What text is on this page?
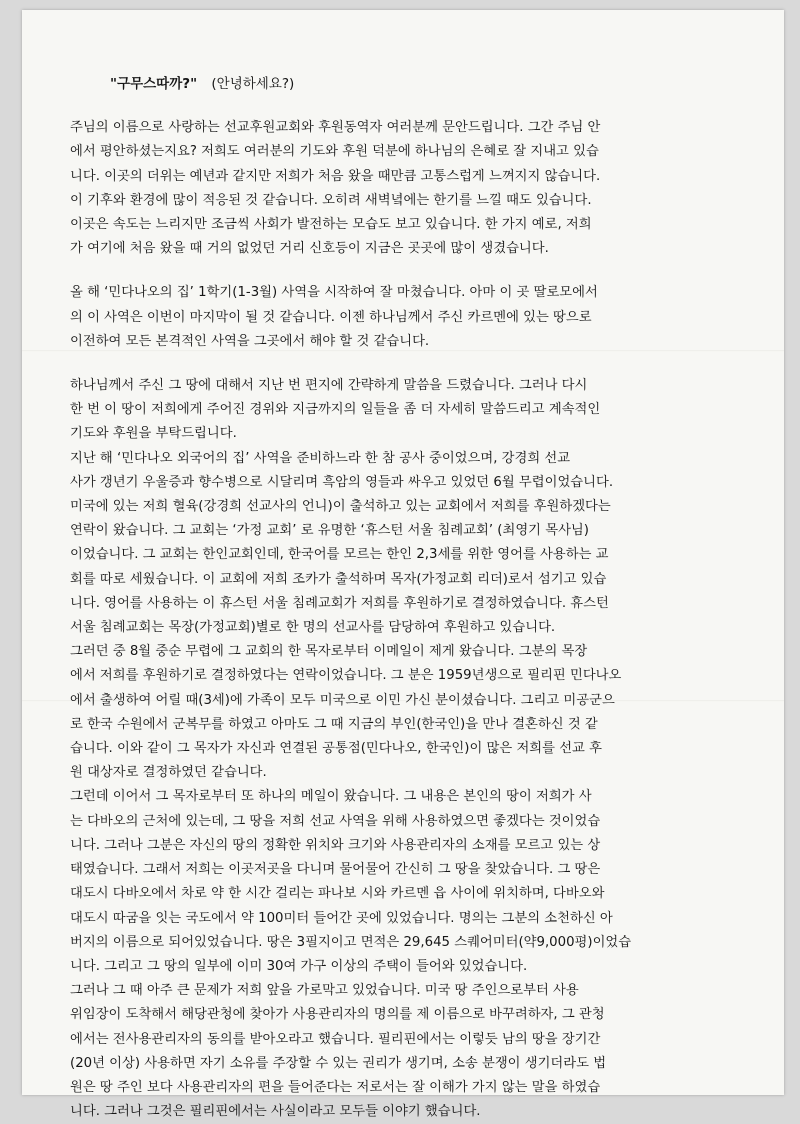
"구무스따까?" (안녕하세요?)
주님의 이름으로 사랑하는 선교후원교회와 후원동역자 여러분께 문안드립니다. 그간 주님 안
에서 평안하셨는지요? 저희도 여러분의 기도와 후원 덕분에 하나님의 은혜로 잘 지내고 있습
니다. 이곳의 더위는 예년과 같지만 저희가 처음 왔을 때만큼 고통스럽게 느껴지지 않습니다.
이 기후와 환경에 많이 적응된 것 같습니다. 오히려 새벽녘에는 한기를 느낄 때도 있습니다.
이곳은 속도는 느리지만 조금씩 사회가 발전하는 모습도 보고 있습니다. 한 가지 예로, 저희
가 여기에 처음 왔을 때 거의 없었던 거리 신호등이 지금은 곳곳에 많이 생겼습니다.
올 해 ‘민다나오의 집’ 1학기(1-3월) 사역을 시작하여 잘 마쳤습니다. 아마 이 곳 딸로모에서
의 이 사역은 이번이 마지막이 될 것 같습니다. 이젠 하나님께서 주신 카르멘에 있는 땅으로
이전하여 모든 본격적인 사역을 그곳에서 해야 할 것 같습니다.
하나님께서 주신 그 땅에 대해서 지난 번 편지에 간략하게 말씀을 드렸습니다. 그러나 다시
한 번 이 땅이 저희에게 주어진 경위와 지금까지의 일들을 좀 더 자세히 말씀드리고 계속적인
기도와 후원을 부탁드립니다.
지난 해 ‘민다나오 외국어의 집’ 사역을 준비하느라 한 참 공사 중이었으며, 강경희 선교
사가 갱년기 우울증과 향수병으로 시달리며 흑암의 영들과 싸우고 있었던 6월 무렵이었습니다.
미국에 있는 저희 혈육(강경희 선교사의 언니)이 출석하고 있는 교회에서 저희를 후원하겠다는
연락이 왔습니다. 그 교회는 ‘가정 교회’ 로 유명한 ‘휴스턴 서울 침례교회’ (최영기 목사님)
이었습니다. 그 교회는 한인교회인데, 한국어를 모르는 한인 2,3세를 위한 영어를 사용하는 교
회를 따로 세웠습니다. 이 교회에 저희 조카가 출석하며 목자(가정교회 리더)로서 섬기고 있습
니다. 영어를 사용하는 이 휴스턴 서울 침례교회가 저희를 후원하기로 결정하였습니다. 휴스턴
서울 침례교회는 목장(가정교회)별로 한 명의 선교사를 담당하여 후원하고 있습니다.
그러던 중 8월 중순 무렵에 그 교회의 한 목자로부터 이메일이 제게 왔습니다. 그분의 목장
에서 저희를 후원하기로 결정하였다는 연락이었습니다. 그 분은 1959년생으로 필리핀 민다나오
에서 출생하여 어릴 때(3세)에 가족이 모두 미국으로 이민 가신 분이셨습니다. 그리고 미공군으
로 한국 수원에서 군복무를 하였고 아마도 그 때 지금의 부인(한국인)을 만나 결혼하신 것 같
습니다. 이와 같이 그 목자가 자신과 연결된 공통점(민다나오, 한국인)이 많은 저희를 선교 후
원 대상자로 결정하였던 같습니다.
그런데 이어서 그 목자로부터 또 하나의 메일이 왔습니다. 그 내용은 본인의 땅이 저희가 사
는 다바오의 근처에 있는데, 그 땅을 저희 선교 사역을 위해 사용하였으면 좋겠다는 것이었습
니다. 그러나 그분은 자신의 땅의 정확한 위치와 크기와 사용관리자의 소재를 모르고 있는 상
태였습니다. 그래서 저희는 이곳저곳을 다니며 물어물어 간신히 그 땅을 찾았습니다. 그 땅은
대도시 다바오에서 차로 약 한 시간 걸리는 파나보 시와 카르멘 읍 사이에 위치하며, 다바오와
대도시 따굼을 잇는 국도에서 약 100미터 들어간 곳에 있었습니다. 명의는 그분의 소천하신 아
버지의 이름으로 되어있었습니다. 땅은 3필지이고 면적은 29,645 스퀘어미터(약9,000평)이었습
니다. 그리고 그 땅의 일부에 이미 30여 가구 이상의 주택이 들어와 있었습니다.
그러나 그 때 아주 큰 문제가 저희 앞을 가로막고 있었습니다. 미국 땅 주인으로부터 사용
위임장이 도착해서 해당관청에 찾아가 사용관리자의 명의를 제 이름으로 바꾸려하자, 그 관청
에서는 전사용관리자의 동의를 받아오라고 했습니다. 필리핀에서는 이렇듯 남의 땅을 장기간
(20년 이상) 사용하면 자기 소유를 주장할 수 있는 권리가 생기며, 소송 분쟁이 생기더라도 법
원은 땅 주인 보다 사용관리자의 편을 들어준다는 저로서는 잘 이해가 가지 않는 말을 하였습
니다. 그러나 그것은 필리핀에서는 사실이라고 모두들 이야기 했습니다.
